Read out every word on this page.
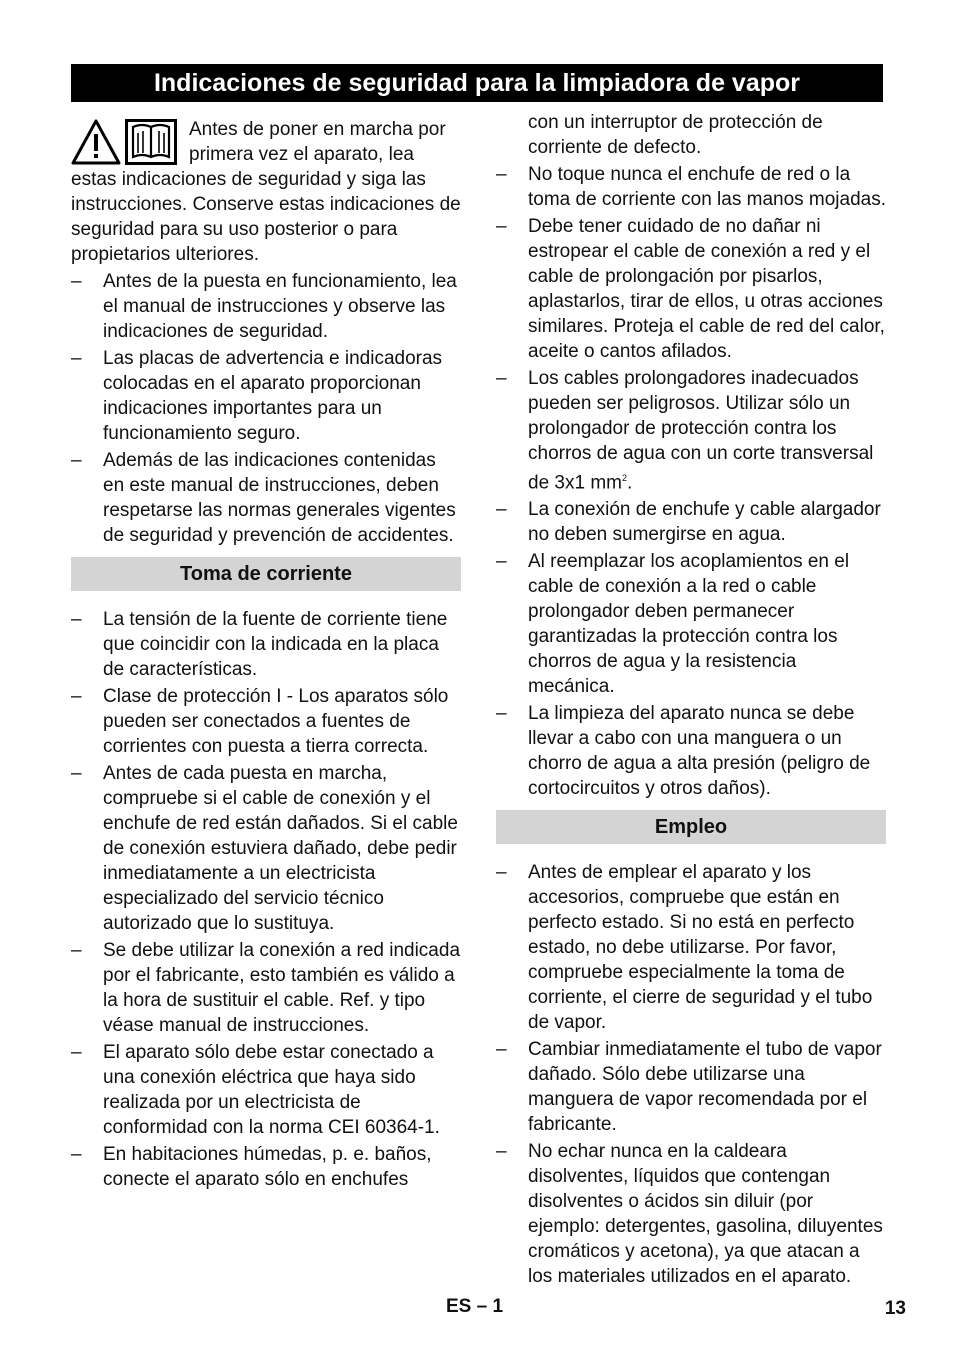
Indicaciones de seguridad para la limpiadora de vapor

Antes de poner en marcha por primera vez el aparato, lea estas indicaciones de seguridad y siga las instrucciones. Conserve estas indicaciones de seguridad para su uso posterior o para propietarios ulteriores.

–	Antes de la puesta en funcionamiento, lea el manual de instrucciones y observe las indicaciones de seguridad.
–	Las placas de advertencia e indicadoras colocadas en el aparato proporcionan indicaciones importantes para un funcionamiento seguro.
–	Además de las indicaciones contenidas en este manual de instrucciones, deben respetarse las normas generales vigentes de seguridad y prevención de accidentes.
Toma de corriente
–	La tensión de la fuente de corriente tiene que coincidir con la indicada en la placa de características.
–	Clase de protección I - Los aparatos sólo pueden ser conectados a fuentes de corrientes con puesta a tierra correcta.
–	Antes de cada puesta en marcha, compruebe si el cable de conexión y el enchufe de red están dañados. Si el cable de conexión estuviera dañado, debe pedir inmediatamente a un electricista especializado del servicio técnico autorizado que lo sustituya.
–	Se debe utilizar la conexión a red indicada por el fabricante, esto también es válido a la hora de sustituir el cable. Ref. y tipo véase manual de instrucciones.
–	El aparato sólo debe estar conectado a una conexión eléctrica que haya sido realizada por un electricista de conformidad con la norma CEI 60364-1.
–	En habitaciones húmedas, p. e. baños, conecte el aparato sólo en enchufes
con un interruptor de protección de corriente de defecto.
–	No toque nunca el enchufe de red o la toma de corriente con las manos mojadas.
–	Debe tener cuidado de no dañar ni estropear el cable de conexión a red y el cable de prolongación por pisarlos, aplastarlos, tirar de ellos, u otras acciones similares. Proteja el cable de red del calor, aceite o cantos afilados.
–	Los cables prolongadores inadecuados pueden ser peligrosos. Utilizar sólo un prolongador de protección contra los chorros de agua con un corte transversal de 3x1 $mm^2$.
–	La conexión de enchufe y cable alargador no deben sumergirse en agua.
–	Al reemplazar los acoplamientos en el cable de conexión a la red o cable prolongador deben permanecer garantizadas la protección contra los chorros de agua y la resistencia mecánica.
–	La limpieza del aparato nunca se debe llevar a cabo con una manguera o un chorro de agua a alta presión (peligro de cortocircuitos y otros daños).
Empleo
–	Antes de emplear el aparato y los accesorios, compruebe que están en perfecto estado. Si no está en perfecto estado, no debe utilizarse. Por favor, compruebe especialmente la toma de corriente, el cierre de seguridad y el tubo de vapor.
–	Cambiar inmediatamente el tubo de vapor dañado. Sólo debe utilizarse una manguera de vapor recomendada por el fabricante.
–	No echar nunca en la caldeara disolventes, líquidos que contengan disolventes o ácidos sin diluir (por ejemplo: detergentes, gasolina, diluyentes cromáticos y acetona), ya que atacan a los materiales utilizados en el aparato.
ES – 1	13
